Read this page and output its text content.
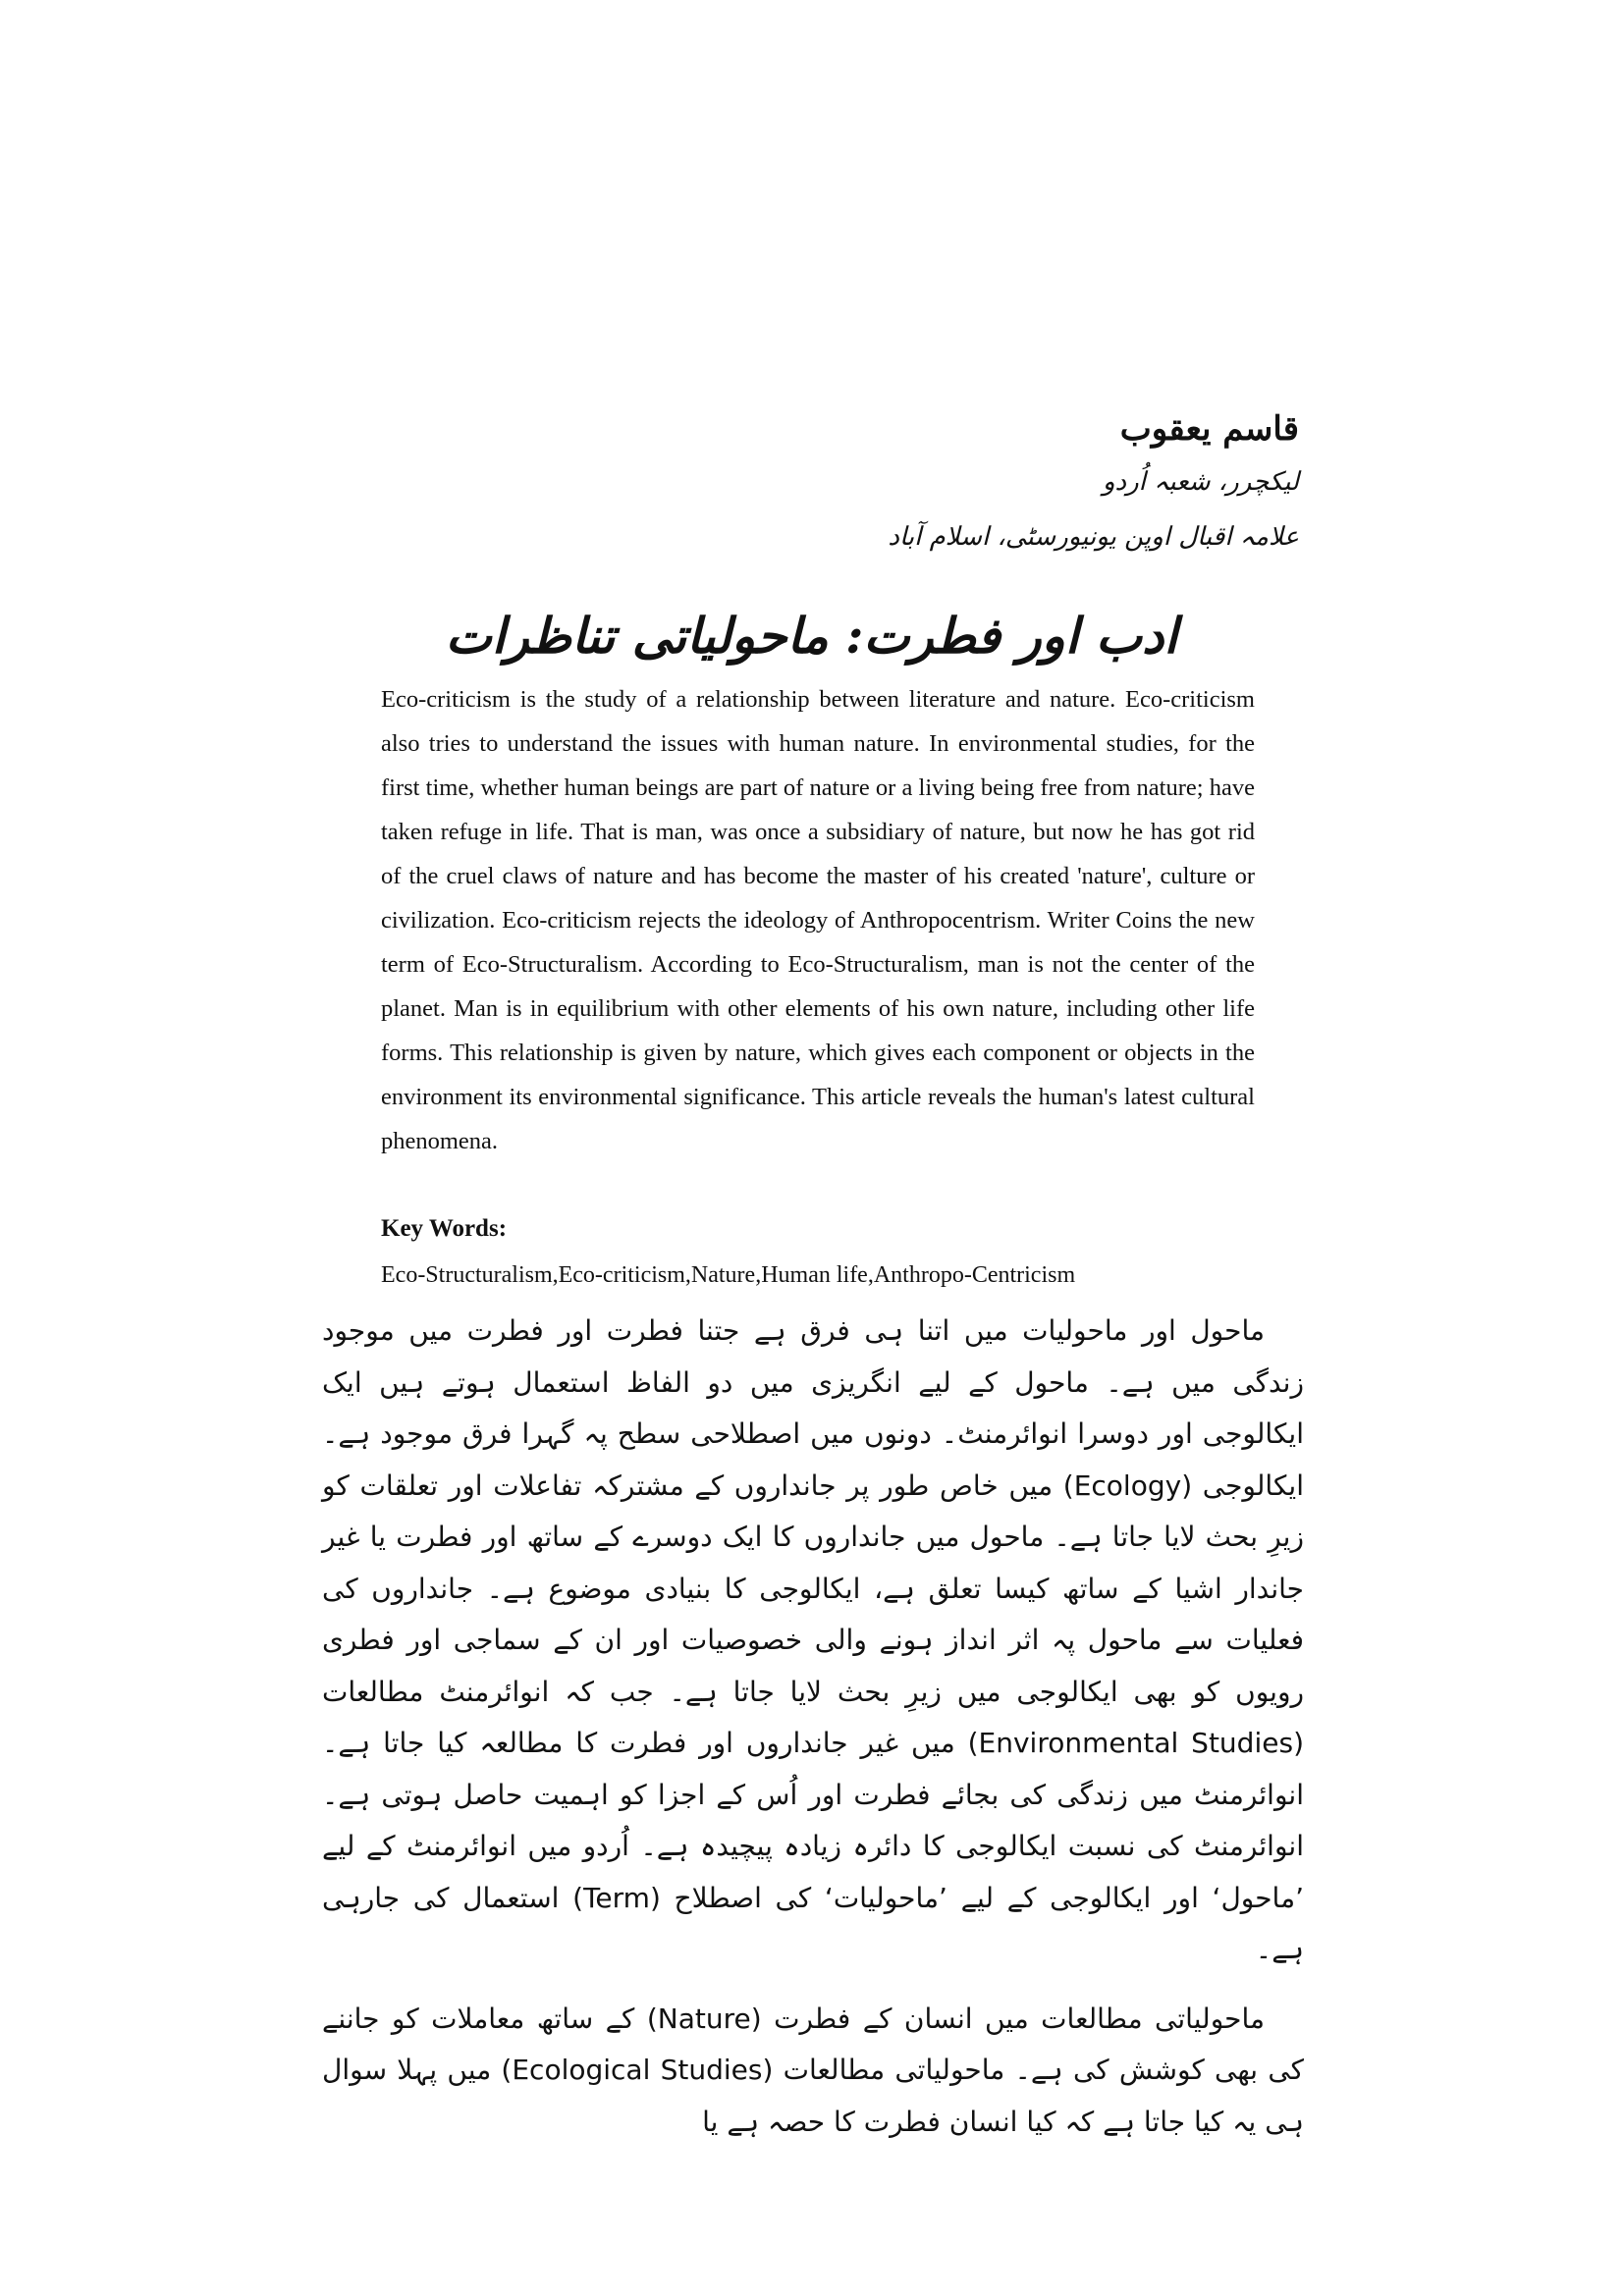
قاسم یعقوب
لیکچرر، شعبہ اُردو
علامہ اقبال اوپن یونیورسٹی، اسلام آباد
ادب اور فطرت: ماحولیاتی تناظرات

Eco-criticism is the study of a relationship between literature and nature. Eco-criticism also tries to understand the issues with human nature. In environmental studies, for the first time, whether human beings are part of nature or a living being free from nature; have taken refuge in life. That is man, was once a subsidiary of nature, but now he has got rid of the cruel claws of nature and has become the master of his created 'nature', culture or civilization. Eco-criticism rejects the ideology of Anthropocentrism. Writer Coins the new term of Eco-Structuralism. According to Eco-Structuralism, man is not the center of the planet. Man is in equilibrium with other elements of his own nature, including other life forms. This relationship is given by nature, which gives each component or objects in the environment its environmental significance. This article reveals the human's latest cultural phenomena.

Key Words:
Eco-Structuralism,Eco-criticism,Nature,Human life,Anthropo-Centricism

ماحول اور ماحولیات میں اتنا ہی فرق ہے جتنا فطرت اور فطرت میں موجود زندگی میں ہے۔ ماحول کے لیے انگریزی میں دو الفاظ استعمال ہوتے ہیں ایک ایکالوجی اور دوسرا انوائرمنٹ۔ دونوں میں اصطلاحی سطح پہ گہرا فرق موجود ہے۔ ایکالوجی (Ecology) میں خاص طور پر جانداروں کے مشترکہ تفاعلات اور تعلقات کو زیرِ بحث لایا جاتا ہے۔ ماحول میں جانداروں کا ایک دوسرے کے ساتھ اور فطرت یا غیر جاندار اشیا کے ساتھ کیسا تعلق ہے، ایکالوجی کا بنیادی موضوع ہے۔ جانداروں کی فعلیات سے ماحول پہ اثر انداز ہونے والی خصوصیات اور ان کے سماجی اور فطری رویوں کو بھی ایکالوجی میں زیرِ بحث لایا جاتا ہے۔ جب کہ انوائرمنٹ مطالعات (Environmental Studies) میں غیر جانداروں اور فطرت کا مطالعہ کیا جاتا ہے۔ انوائرمنٹ میں زندگی کی بجائے فطرت اور اُس کے اجزا کو اہمیت حاصل ہوتی ہے۔ انوائرمنٹ کی نسبت ایکالوجی کا دائرہ زیادہ پیچیدہ ہے۔ اُردو میں انوائرمنٹ کے لیے ’ماحول‘ اور ایکالوجی کے لیے ’ماحولیات‘ کی اصطلاح (Term) استعمال کی جارہی ہے۔

ماحولیاتی مطالعات میں انسان کے فطرت (Nature) کے ساتھ معاملات کو جاننے کی بھی کوشش کی ہے۔ ماحولیاتی مطالعات (Ecological Studies) میں پہلا سوال ہی یہ کیا جاتا ہے کہ کیا انسان فطرت کا حصہ ہے یا
